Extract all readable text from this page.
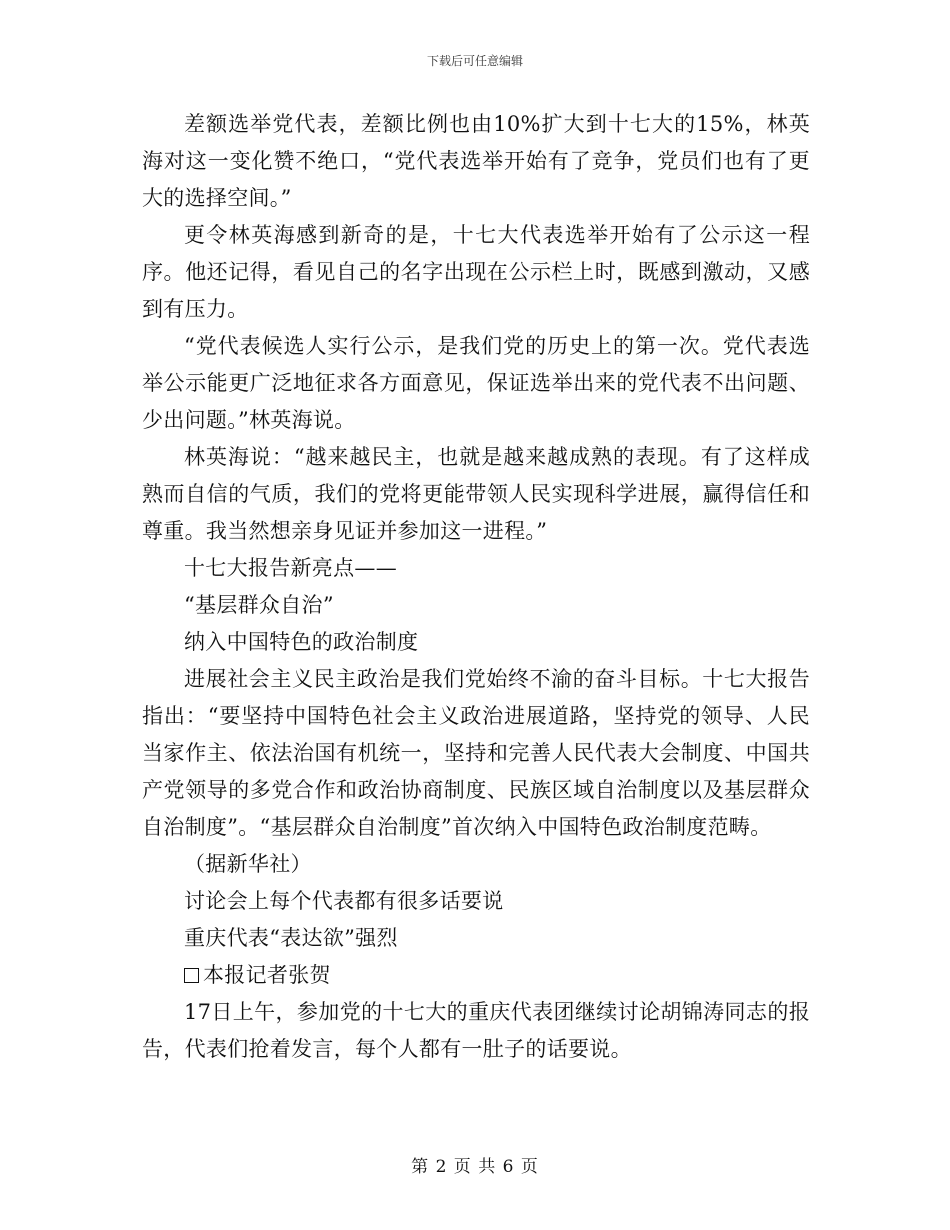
下载后可任意编辑

差额选举党代表，差额比例也由10%扩大到十七大的15%，林英海对这一变化赞不绝口，“党代表选举开始有了竞争，党员们也有了更大的选择空间。”

更令林英海感到新奇的是，十七大代表选举开始有了公示这一程序。他还记得，看见自己的名字出现在公示栏上时，既感到激动，又感到有压力。

“党代表候选人实行公示，是我们党的历史上的第一次。党代表选举公示能更广泛地征求各方面意见，保证选举出来的党代表不出问题、少出问题。”林英海说。

林英海说：“越来越民主，也就是越来越成熟的表现。有了这样成熟而自信的气质，我们的党将更能带领人民实现科学进展，赢得信任和尊重。我当然想亲身见证并参加这一进程。”

十七大报告新亮点——

“基层群众自治”

纳入中国特色的政治制度

进展社会主义民主政治是我们党始终不渝的奋斗目标。十七大报告指出：“要坚持中国特色社会主义政治进展道路，坚持党的领导、人民当家作主、依法治国有机统一，坚持和完善人民代表大会制度、中国共产党领导的多党合作和政治协商制度、民族区域自治制度以及基层群众自治制度”。“基层群众自治制度”首次纳入中国特色政治制度范畴。

（据新华社）

讨论会上每个代表都有很多话要说

重庆代表“表达欲”强烈

本报记者张贺

17日上午，参加党的十七大的重庆代表团继续讨论胡锦涛同志的报告，代表们抢着发言，每个人都有一肚子的话要说。

第 2 页 共 6 页
